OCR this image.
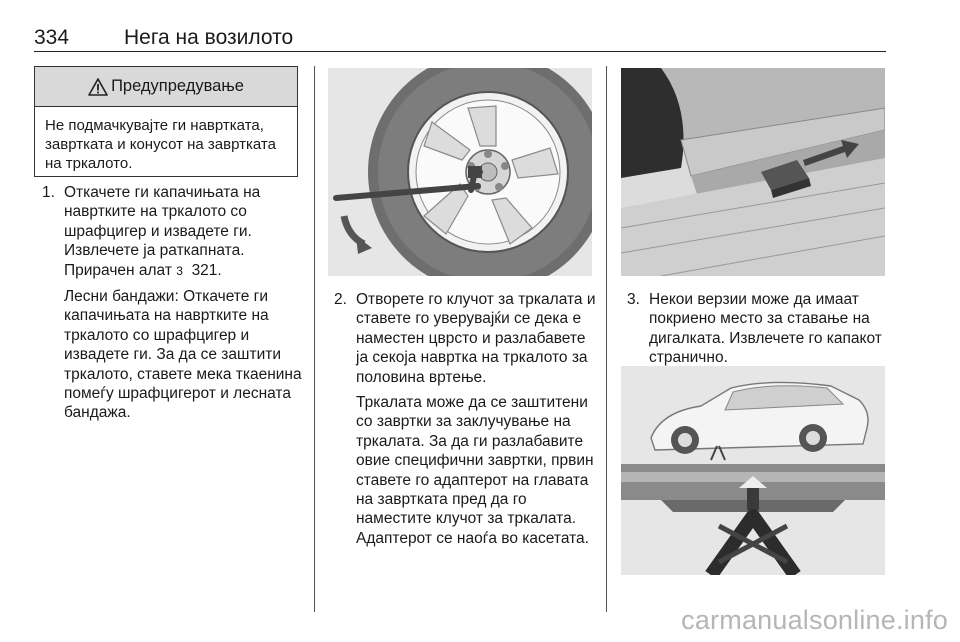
334	Нега на возилото
Предупредување
Не подмачкувајте ги навртката, завртката и конусот на завртката на тркалото.
1. Откачете ги капачињата на навртките на тркалото со шрафцигер и извадете ги. Извлечете ја раткапната. Прирачен алат 3 321.
Лесни бандажи: Откачете ги капачињата на навртките на тркалото со шрафцигер и извадете ги. За да се заштити тркалото, ставете мека ткаенина помеѓу шрафцигерот и лесната бандажа.
2. Отворете го клучот за тркалата и ставете го уверувајќи се дека е наместен цврсто и разлабавете ја секоја навртка на тркалото за половина вртење.
Тркалата може да се заштитени со завртки за заклучување на тркалата. За да ги разлабавите овие специфични завртки, првин ставете го адаптерот на главата на завртката пред да го наместите клучот за тркалата. Адаптерот се наоѓа во касетата.
3. Некои верзии може да имаат покриено место за ставање на дигалката. Извлечете го капакот странично.
carmanualsonline.info
